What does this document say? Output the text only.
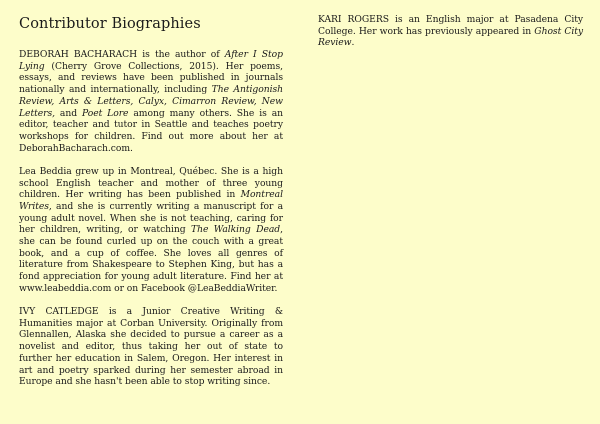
Contributor Biographies

DEBORAH BACHARACH is the author of After I Stop Lying (Cherry Grove Collections, 2015). Her poems, essays, and reviews have been published in journals nationally and internationally, including The Antigonish Review, Arts & Letters, Calyx, Cimarron Review, New Letters, and Poet Lore among many others. She is an editor, teacher and tutor in Seattle and teaches poetry workshops for children. Find out more about her at DeborahBacharach.com.

Lea Beddia grew up in Montreal, Québec. She is a high school English teacher and mother of three young children. Her writing has been published in Montreal Writes, and she is currently writing a manuscript for a young adult novel. When she is not teaching, caring for her children, writing, or watching The Walking Dead, she can be found curled up on the couch with a great book, and a cup of coffee. She loves all genres of literature from Shakespeare to Stephen King, but has a fond appreciation for young adult literature. Find her at www.leabeddia.com or on Facebook @LeaBeddiaWriter.

IVY CATLEDGE is a Junior Creative Writing & Humanities major at Corban University. Originally from Glennallen, Alaska she decided to pursue a career as a novelist and editor, thus taking her out of state to further her education in Salem, Oregon. Her interest in art and poetry sparked during her semester abroad in Europe and she hasn't been able to stop writing since.

KARI ROGERS is an English major at Pasadena City College. Her work has previously appeared in Ghost City Review.
